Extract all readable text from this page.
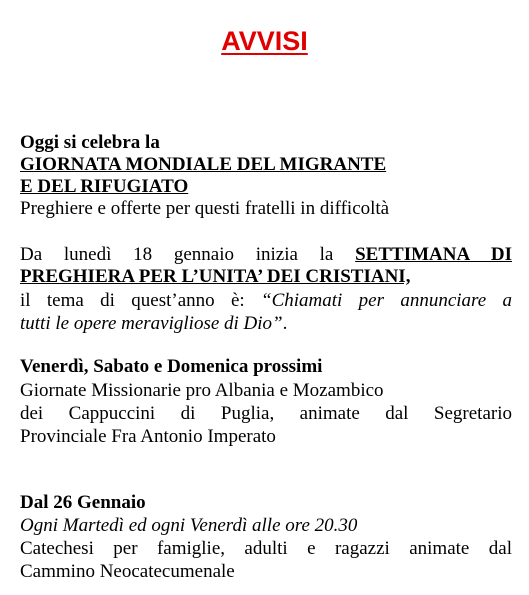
AVVISI
Oggi si celebra la
GIORNATA MONDIALE DEL MIGRANTE
E DEL RIFUGIATO
Preghiere e offerte per questi fratelli in difficoltà
Da lunedì 18 gennaio inizia la SETTIMANA DI
PREGHIERA PER L’UNITA’ DEI CRISTIANI,
il tema di quest’anno è: “Chiamati per annunciare a
tutti le opere meravigliose di Dio”.
Venerdì, Sabato e Domenica prossimi
Giornate Missionarie pro Albania e Mozambico
dei Cappuccini di Puglia, animate dal Segretario
Provinciale Fra Antonio Imperato
Dal 26 Gennaio
Ogni Martedì ed ogni Venerdì alle ore 20.30
Catechesi per famiglie, adulti e ragazzi animate dal
Cammino Neocatecumenale
